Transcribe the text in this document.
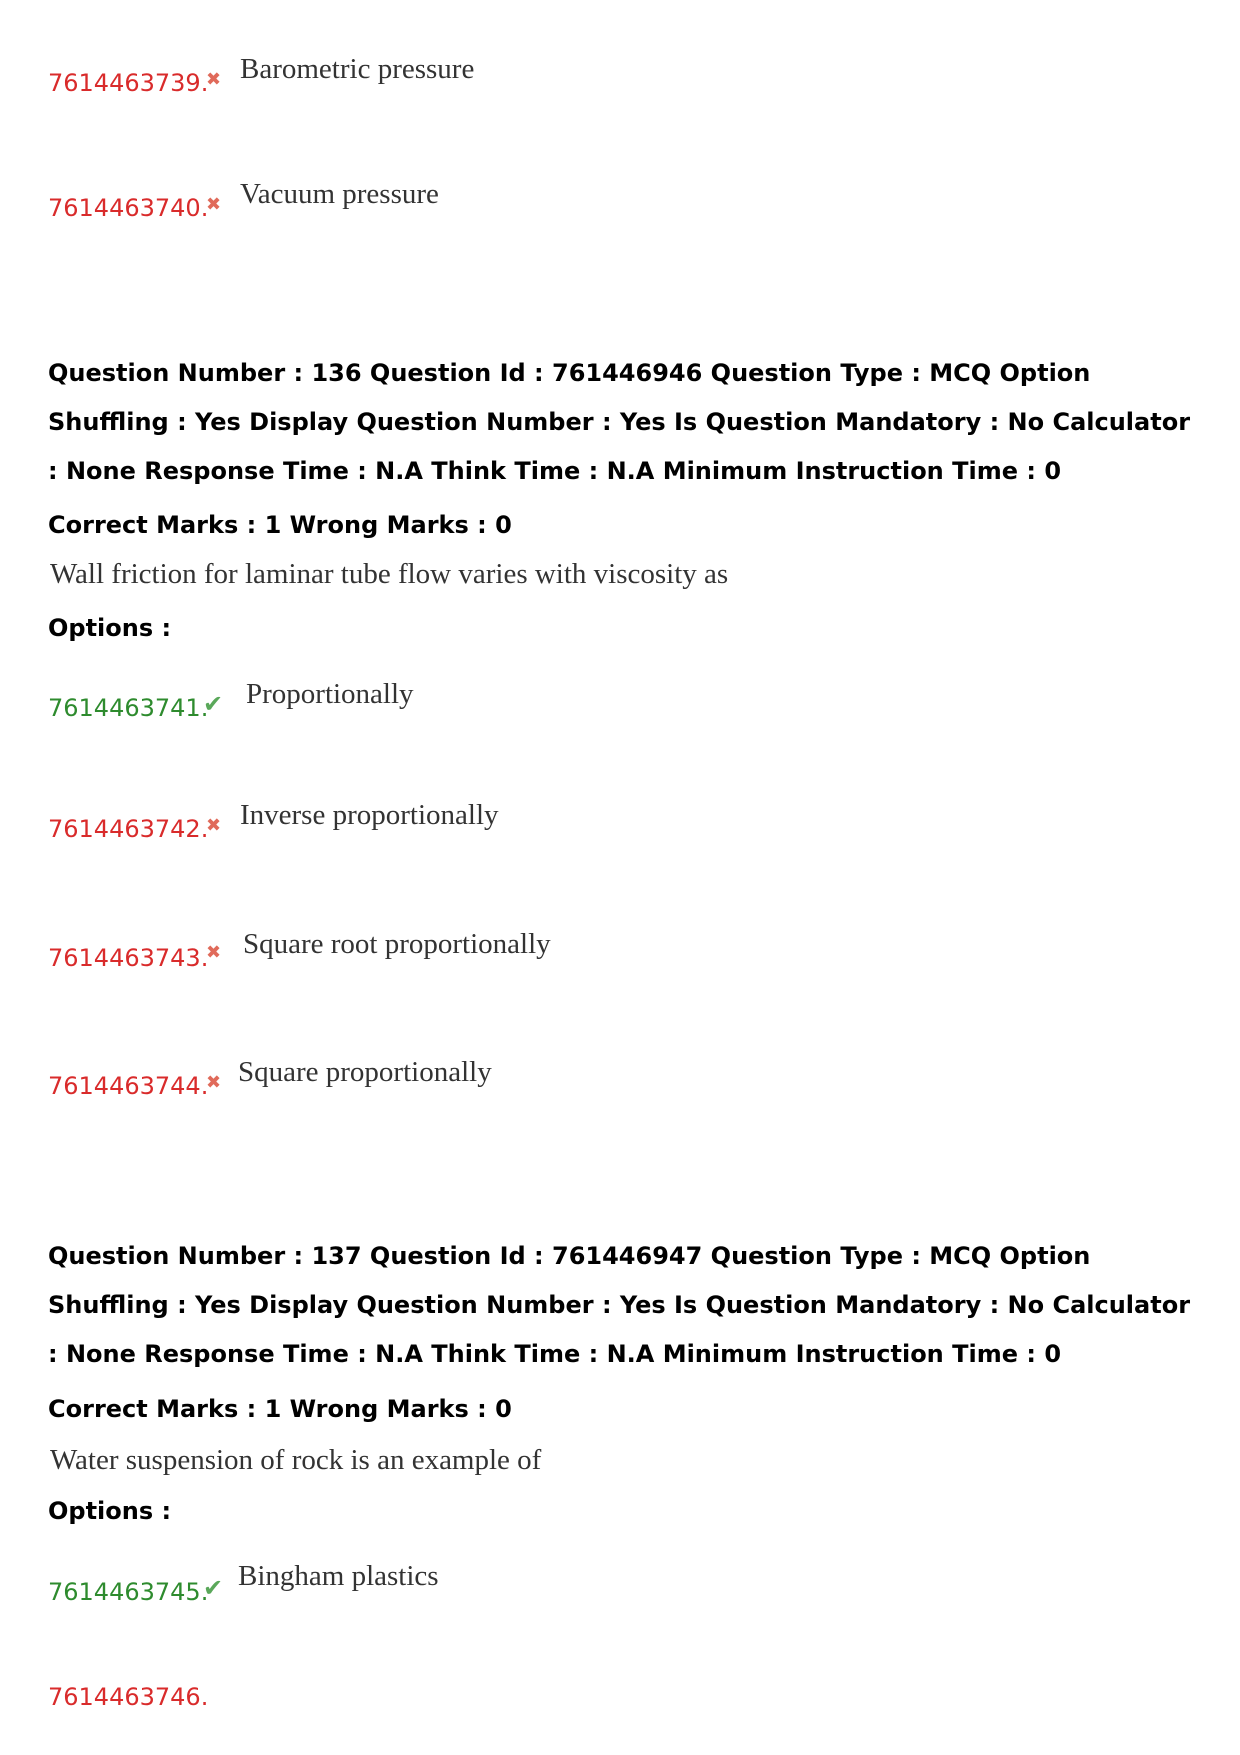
7614463739.
✖ Barometric pressure
7614463740.
✖ Vacuum pressure
Question Number : 136 Question Id : 761446946 Question Type : MCQ Option Shuffling : Yes Display Question Number : Yes Is Question Mandatory : No Calculator : None Response Time : N.A Think Time : N.A Minimum Instruction Time : 0
Correct Marks : 1 Wrong Marks : 0
Wall friction for laminar tube flow varies with viscosity as
Options :
7614463741.
✔ Proportionally
7614463742.
✖ Inverse proportionally
7614463743.
✖ Square root proportionally
7614463744.
✖ Square proportionally
Question Number : 137 Question Id : 761446947 Question Type : MCQ Option Shuffling : Yes Display Question Number : Yes Is Question Mandatory : No Calculator : None Response Time : N.A Think Time : N.A Minimum Instruction Time : 0
Correct Marks : 1 Wrong Marks : 0
Water suspension of rock is an example of
Options :
7614463745.
✔ Bingham plastics
7614463746.
